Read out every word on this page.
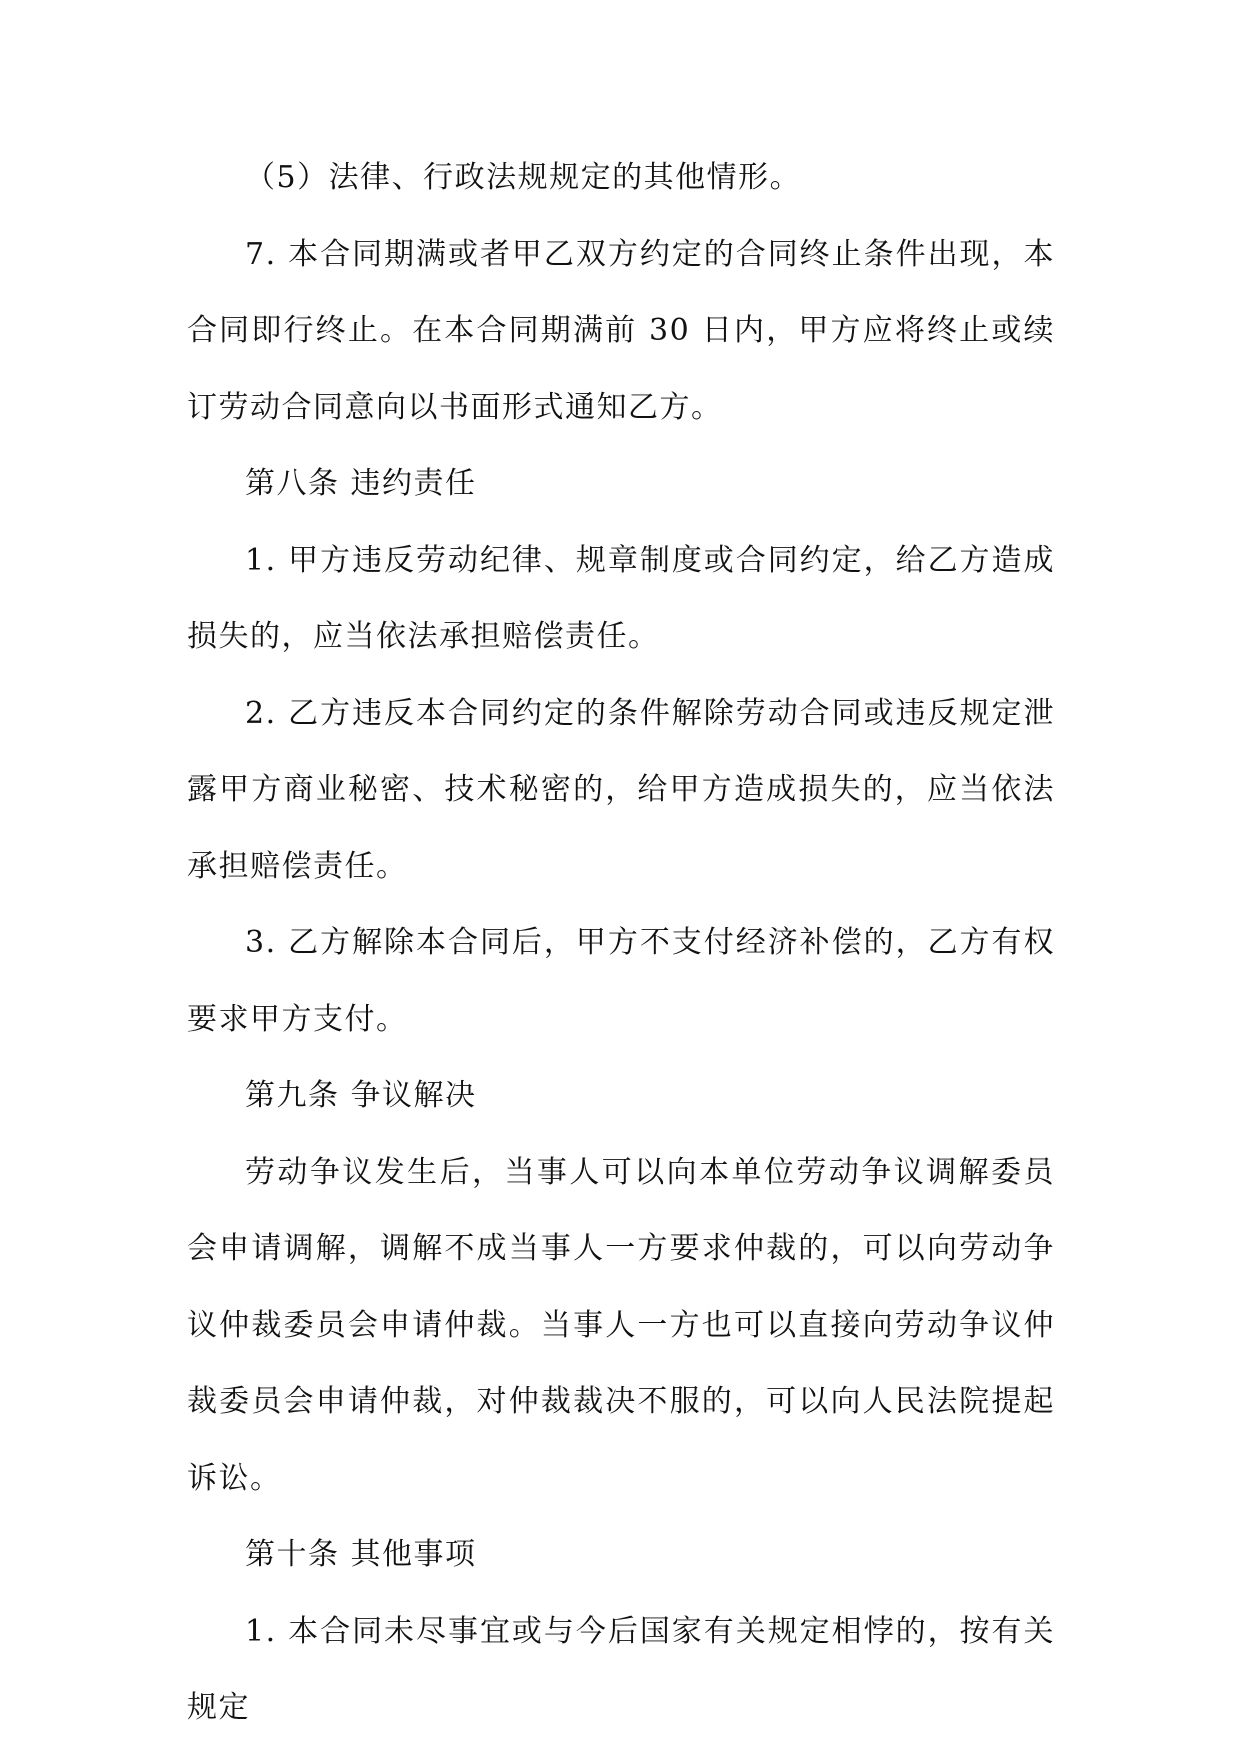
（5）法律、行政法规规定的其他情形。

7. 本合同期满或者甲乙双方约定的合同终止条件出现，本合同即行终止。在本合同期满前 30 日内，甲方应将终止或续订劳动合同意向以书面形式通知乙方。

第八条 违约责任

1. 甲方违反劳动纪律、规章制度或合同约定，给乙方造成损失的，应当依法承担赔偿责任。

2. 乙方违反本合同约定的条件解除劳动合同或违反规定泄露甲方商业秘密、技术秘密的，给甲方造成损失的，应当依法承担赔偿责任。

3. 乙方解除本合同后，甲方不支付经济补偿的，乙方有权要求甲方支付。

第九条 争议解决

劳动争议发生后，当事人可以向本单位劳动争议调解委员会申请调解，调解不成当事人一方要求仲裁的，可以向劳动争议仲裁委员会申请仲裁。当事人一方也可以直接向劳动争议仲裁委员会申请仲裁，对仲裁裁决不服的，可以向人民法院提起诉讼。

第十条 其他事项

1. 本合同未尽事宜或与今后国家有关规定相悖的，按有关规定
